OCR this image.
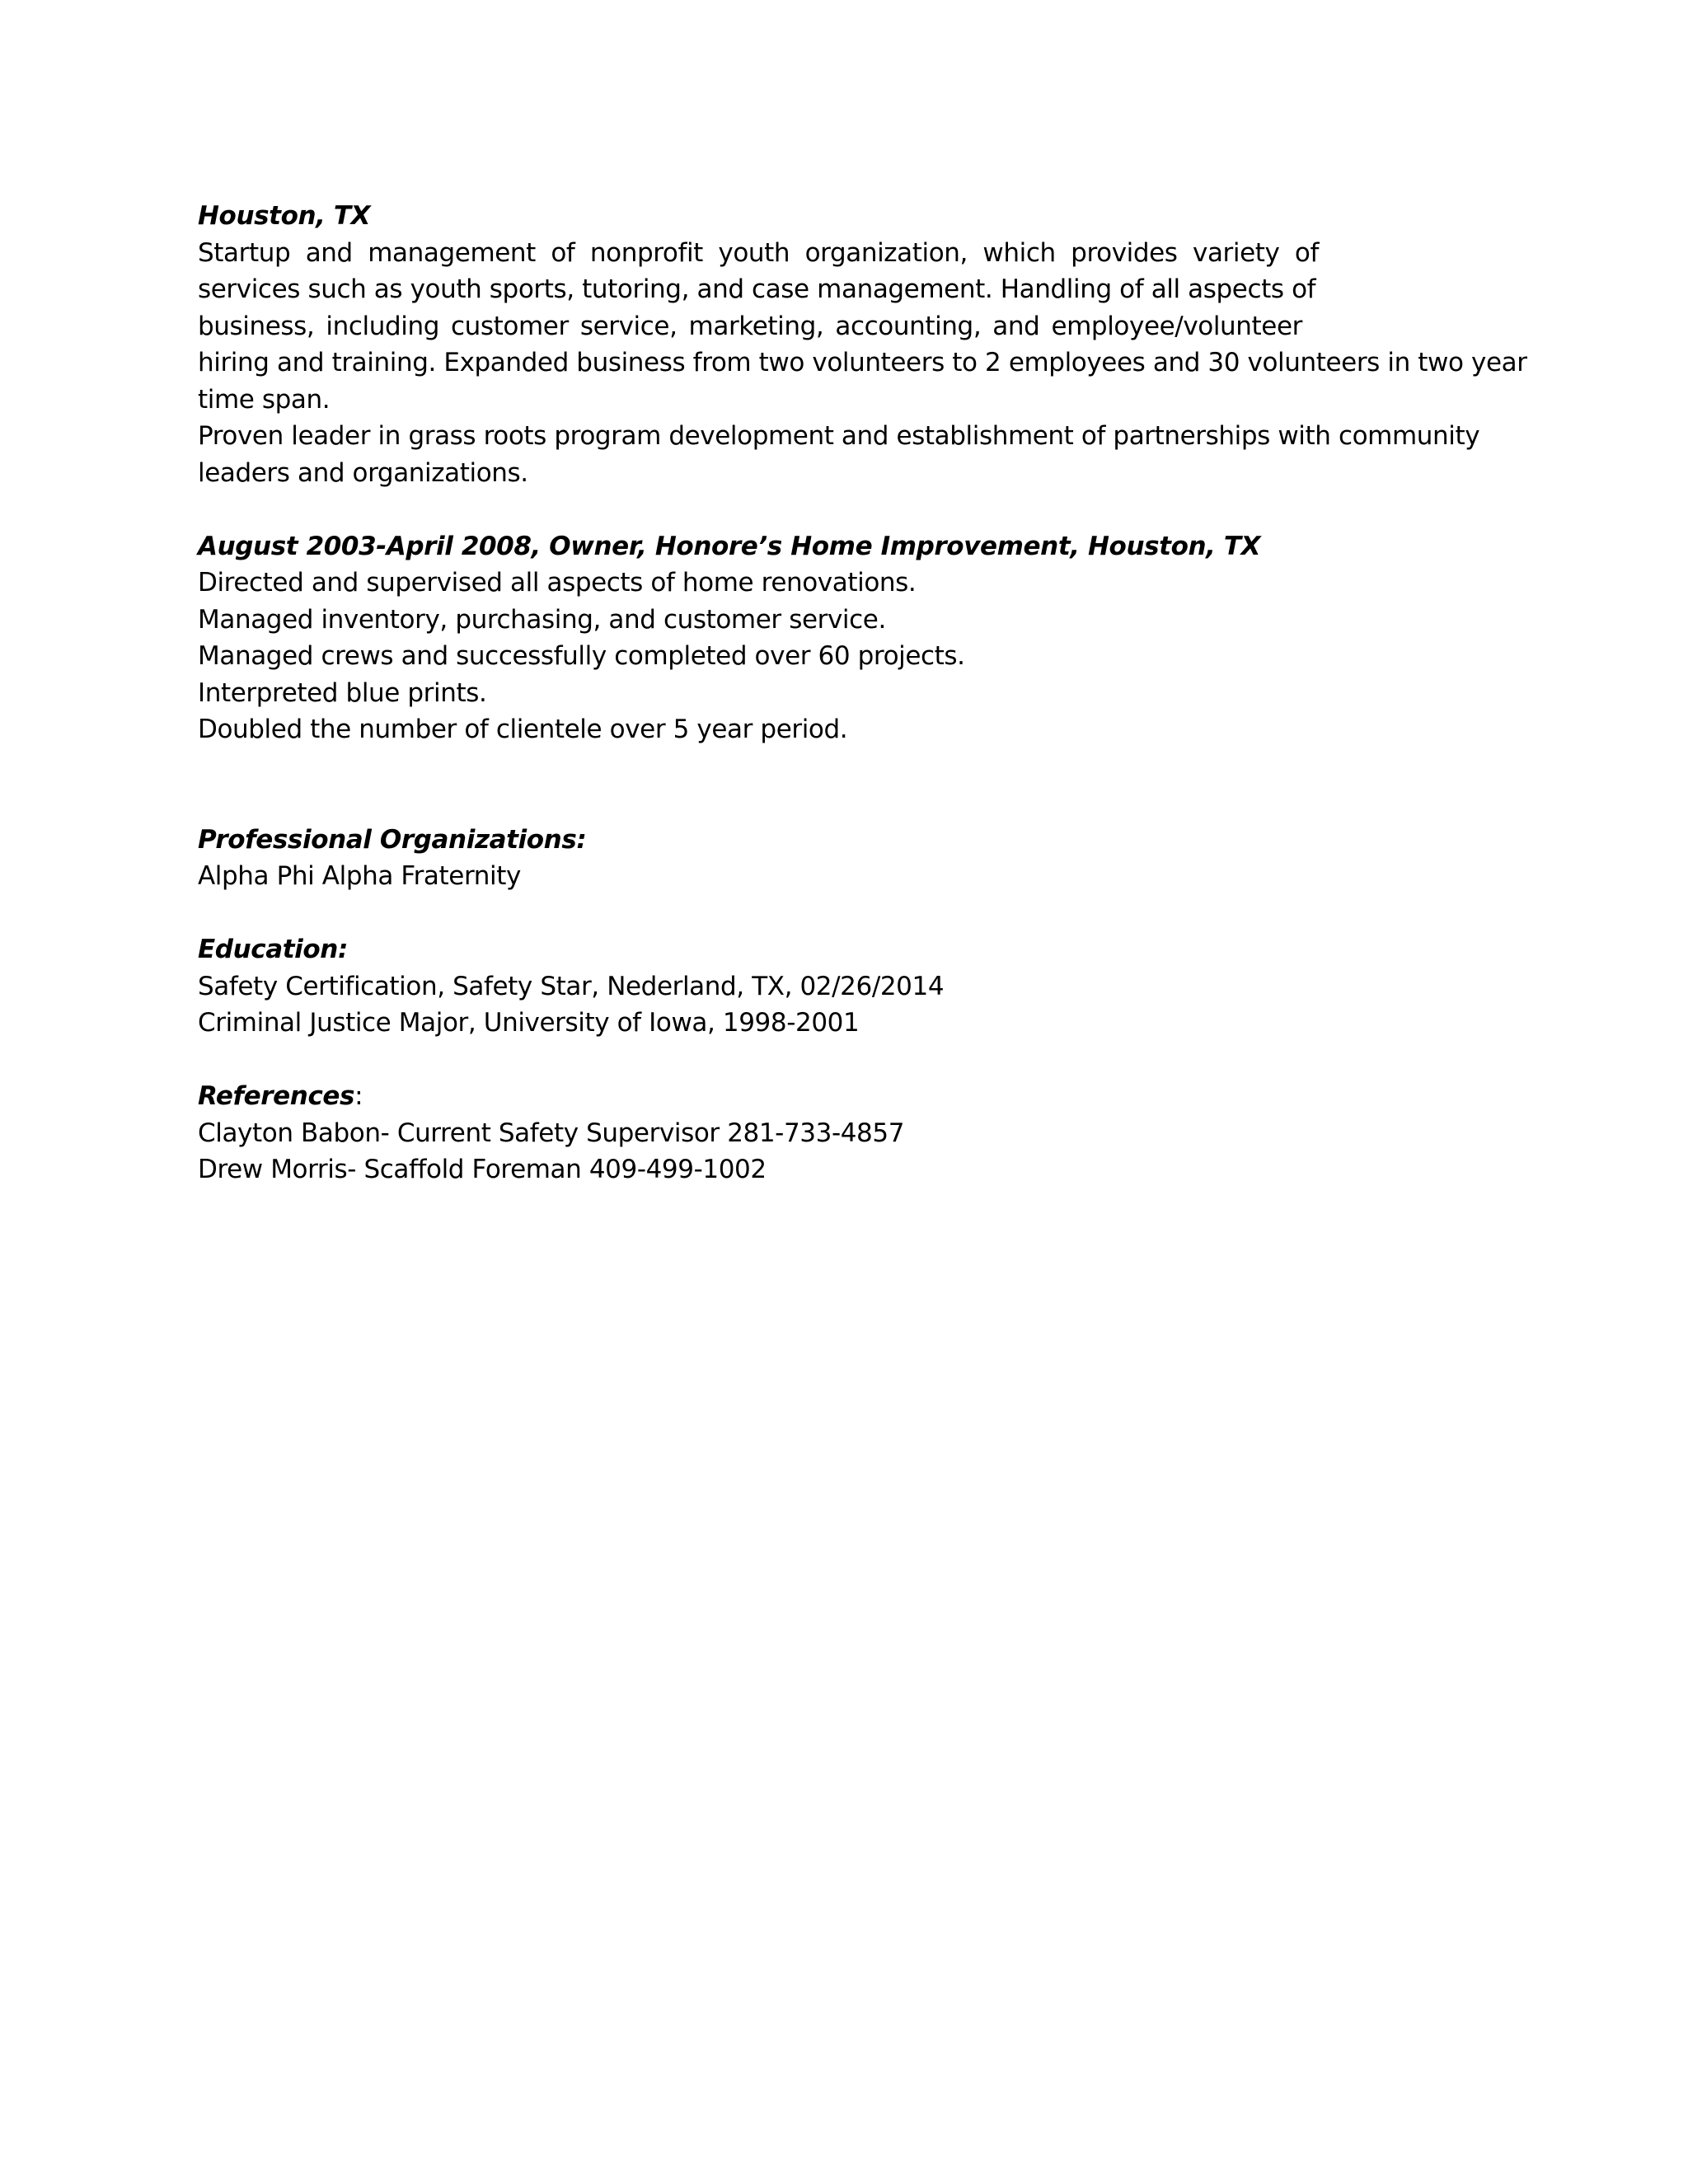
Houston, TX
Startup and management of nonprofit youth organization, which provides variety of
services such as youth sports, tutoring, and case management. Handling of all aspects of
business, including customer service, marketing, accounting, and employee/volunteer
hiring and training. Expanded business from two volunteers to 2 employees and 30 volunteers in two year
time span.
Proven leader in grass roots program development and establishment of partnerships with community
leaders and organizations.
August 2003-April 2008, Owner, Honore’s Home Improvement, Houston, TX
Directed and supervised all aspects of home renovations.
Managed inventory, purchasing, and customer service.
Managed crews and successfully completed over 60 projects.
Interpreted blue prints.
Doubled the number of clientele over 5 year period.
Professional Organizations:
Alpha Phi Alpha Fraternity
Education:
Safety Certification, Safety Star, Nederland, TX, 02/26/2014
Criminal Justice Major, University of Iowa, 1998-2001
References:
Clayton Babon- Current Safety Supervisor 281-733-4857
Drew Morris- Scaffold Foreman 409-499-1002
